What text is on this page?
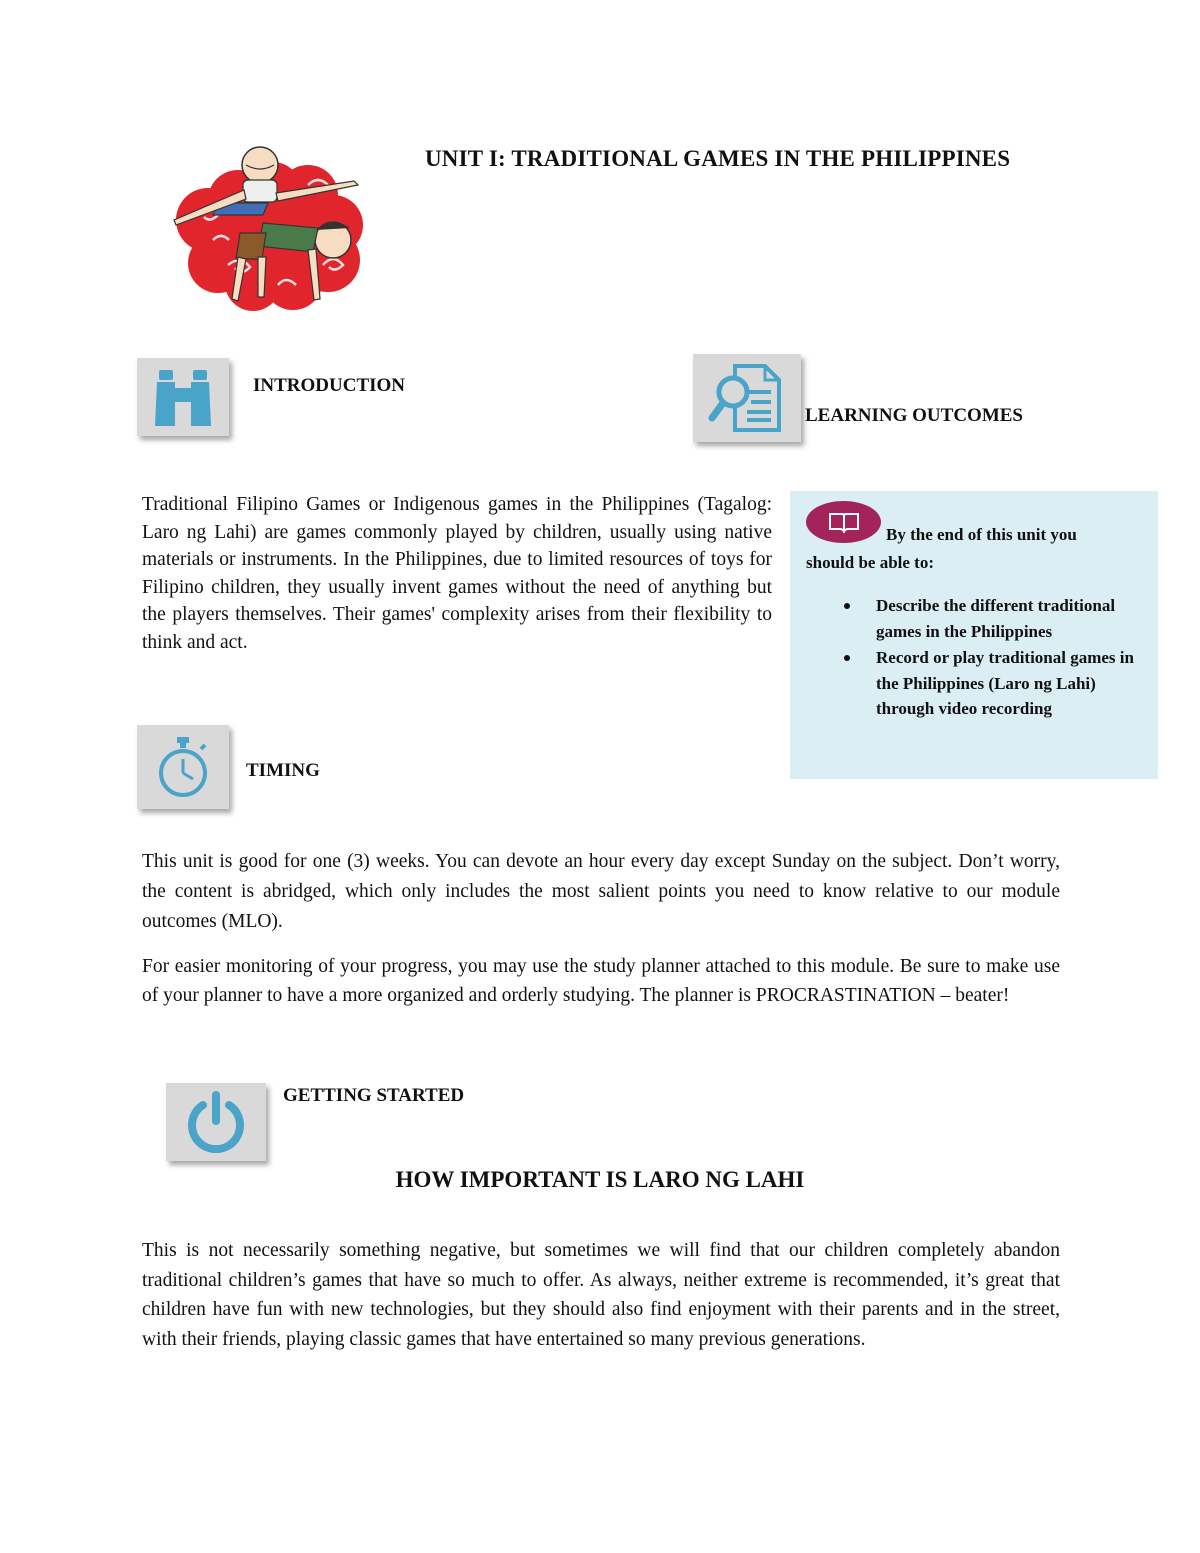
UNIT I: TRADITIONAL GAMES IN THE PHILIPPINES
INTRODUCTION
LEARNING OUTCOMES
Traditional Filipino Games or Indigenous games in the Philippines (Tagalog: Laro ng Lahi) are games commonly played by children, usually using native materials or instruments. In the Philippines, due to limited resources of toys for Filipino children, they usually invent games without the need of anything but the players themselves. Their games' complexity arises from their flexibility to think and act.
By the end of this unit you
should be able to:
Describe the different traditional games in the Philippines
Record or play traditional games in the Philippines (Laro ng Lahi) through video recording
TIMING
This unit is good for one (3) weeks. You can devote an hour every day except Sunday on the subject. Don’t worry, the content is abridged, which only includes the most salient points you need to know relative to our module outcomes (MLO).
For easier monitoring of your progress, you may use the study planner attached to this module. Be sure to make use of your planner to have a more organized and orderly studying. The planner is PROCRASTINATION – beater!
GETTING STARTED
HOW IMPORTANT IS LARO NG LAHI
This is not necessarily something negative, but sometimes we will find that our children completely abandon traditional children’s games that have so much to offer. As always, neither extreme is recommended, it’s great that children have fun with new technologies, but they should also find enjoyment with their parents and in the street, with their friends, playing classic games that have entertained so many previous generations.
